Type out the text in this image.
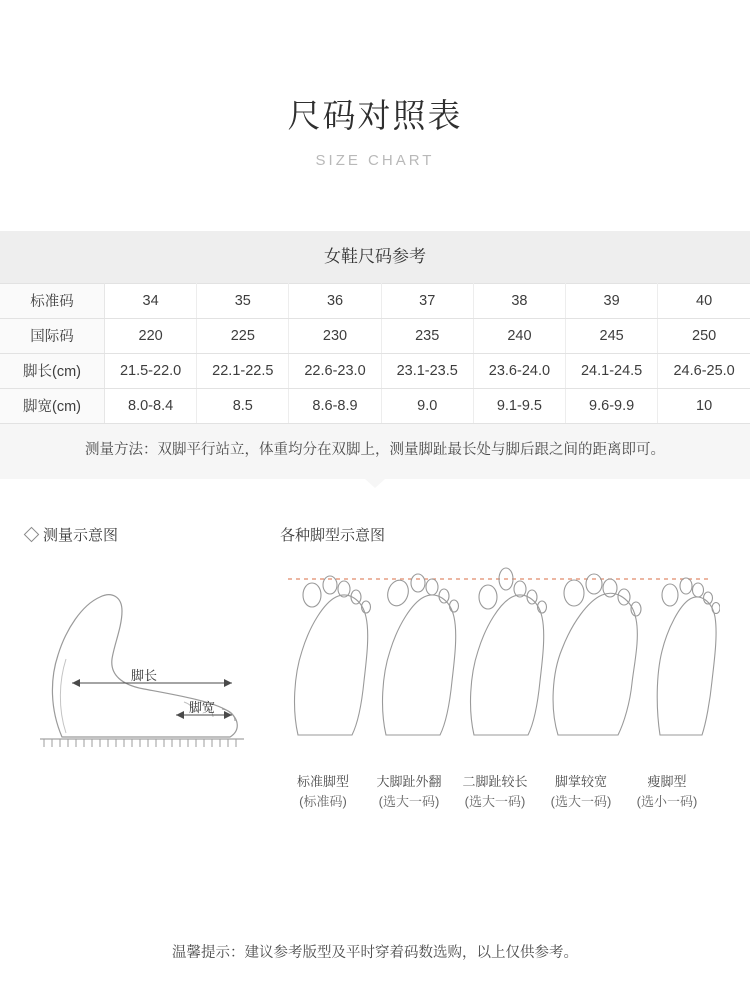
尺码对照表
SIZE CHART
女鞋尺码参考
标准码	34	35	36	37	38	39	40
国际码	220	225	230	235	240	245	250
脚长(cm)	21.5-22.0	22.1-22.5	22.6-23.0	23.1-23.5	23.6-24.0	24.1-24.5	24.6-25.0
脚宽(cm)	8.0-8.4	8.5	8.6-8.9	9.0	9.1-9.5	9.6-9.9	10
测量方法：双脚平行站立，体重均分在双脚上，测量脚趾最长处与脚后跟之间的距离即可。
测量示意图
脚长
脚宽
各种脚型示意图
标准脚型
(标准码)
大脚趾外翻
(选大一码)
二脚趾较长
(选大一码)
脚掌较宽
(选大一码)
瘦脚型
(选小一码)
温馨提示：建议参考版型及平时穿着码数选购，以上仅供参考。
